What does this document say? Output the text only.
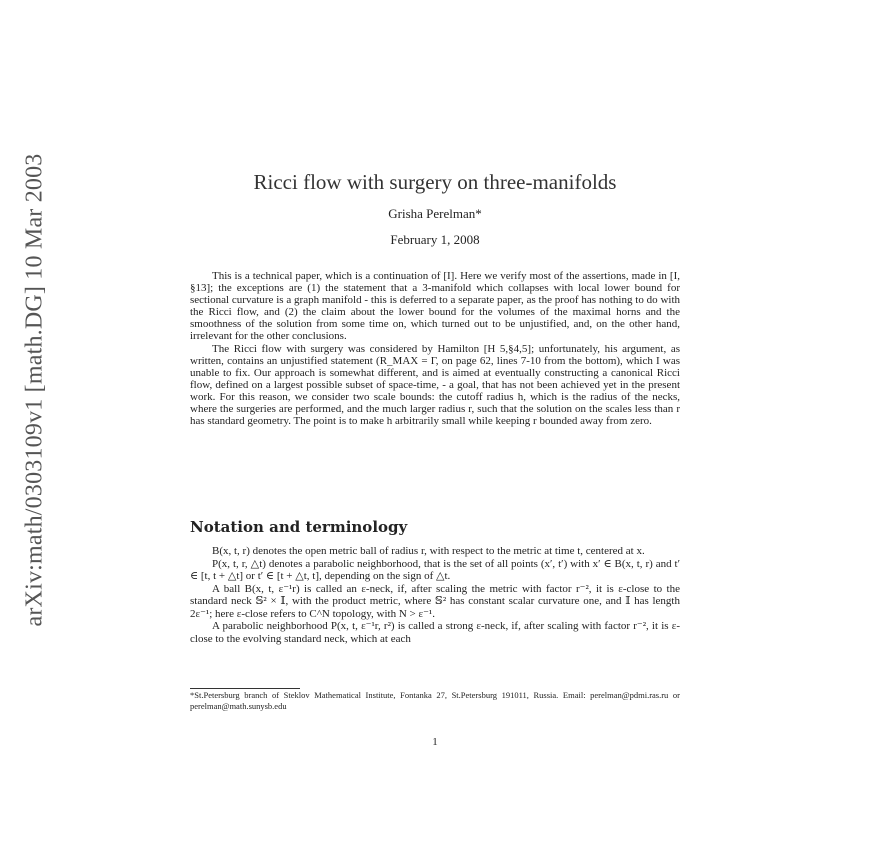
arXiv:math/0303109v1 [math.DG] 10 Mar 2003	Ricci flow with surgery on three-manifolds
Grisha Perelman*
February 1, 2008

This is a technical paper, which is a continuation of [I]. Here we verify most of the assertions, made in [I, §13]; the exceptions are (1) the statement that a 3-manifold which collapses with local lower bound for sectional curvature is a graph manifold - this is deferred to a separate paper, as the proof has nothing to do with the Ricci flow, and (2) the claim about the lower bound for the volumes of the maximal horns and the smoothness of the solution from some time on, which turned out to be unjustified, and, on the other hand, irrelevant for the other conclusions.

The Ricci flow with surgery was considered by Hamilton [H 5,§4,5]; unfortunately, his argument, as written, contains an unjustified statement (R_MAX = Γ, on page 62, lines 7-10 from the bottom), which I was unable to fix. Our approach is somewhat different, and is aimed at eventually constructing a canonical Ricci flow, defined on a largest possible subset of space-time, - a goal, that has not been achieved yet in the present work. For this reason, we consider two scale bounds: the cutoff radius h, which is the radius of the necks, where the surgeries are performed, and the much larger radius r, such that the solution on the scales less than r has standard geometry. The point is to make h arbitrarily small while keeping r bounded away from zero.

Notation and terminology

B(x, t, r) denotes the open metric ball of radius r, with respect to the metric at time t, centered at x.

P(x, t, r, △t) denotes a parabolic neighborhood, that is the set of all points (x′, t′) with x′ ∈ B(x, t, r) and t′ ∈ [t, t + △t] or t′ ∈ [t + △t, t], depending on the sign of △t.

A ball B(x, t, ε⁻¹r) is called an ε-neck, if, after scaling the metric with factor r⁻², it is ε-close to the standard neck 𝕊² × 𝕀, with the product metric, where 𝕊² has constant scalar curvature one, and 𝕀 has length 2ε⁻¹; here ε-close refers to C^N topology, with N > ε⁻¹.

A parabolic neighborhood P(x, t, ε⁻¹r, r²) is called a strong ε-neck, if, after scaling with factor r⁻², it is ε-close to the evolving standard neck, which at each

*St.Petersburg branch of Steklov Mathematical Institute, Fontanka 27, St.Petersburg 191011, Russia. Email: perelman@pdmi.ras.ru or perelman@math.sunysb.edu
1
